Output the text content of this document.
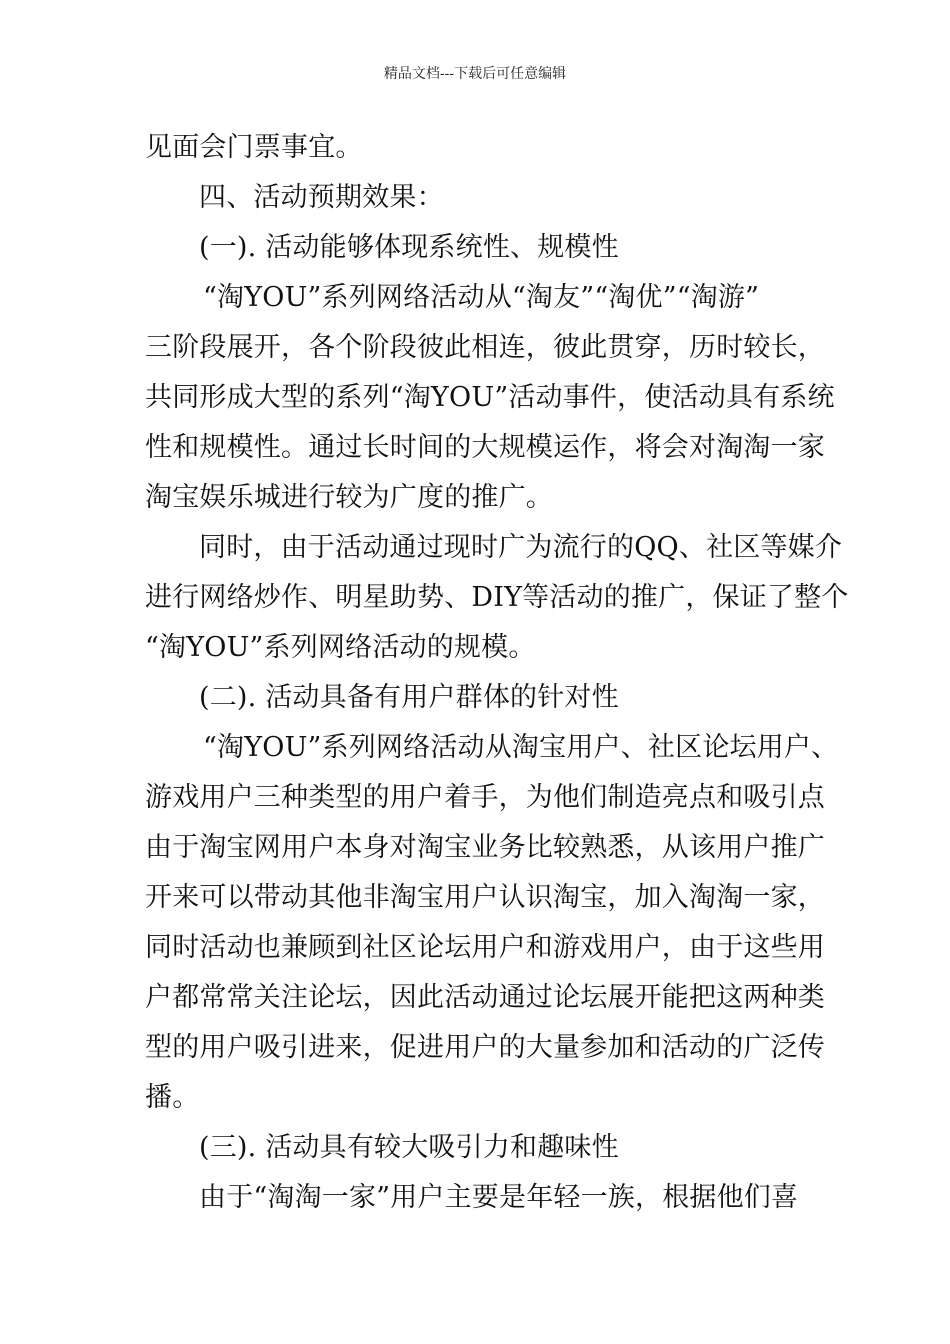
精品文档---下载后可任意编辑
见面会门票事宜。
四、活动预期效果：
(一). 活动能够体现系统性、规模性
“淘YOU”系列网络活动从“淘友”“淘优”“淘游”
三阶段展开，各个阶段彼此相连，彼此贯穿，历时较长，
共同形成大型的系列“淘YOU”活动事件，使活动具有系统
性和规模性。通过长时间的大规模运作，将会对淘淘一家
淘宝娱乐城进行较为广度的推广。
同时，由于活动通过现时广为流行的QQ、社区等媒介
进行网络炒作、明星助势、DIY等活动的推广，保证了整个
“淘YOU”系列网络活动的规模。
(二). 活动具备有用户群体的针对性
“淘YOU”系列网络活动从淘宝用户、社区论坛用户、
游戏用户三种类型的用户着手，为他们制造亮点和吸引点
由于淘宝网用户本身对淘宝业务比较熟悉，从该用户推广
开来可以带动其他非淘宝用户认识淘宝，加入淘淘一家，
同时活动也兼顾到社区论坛用户和游戏用户，由于这些用
户都常常关注论坛，因此活动通过论坛展开能把这两种类
型的用户吸引进来，促进用户的大量参加和活动的广泛传
播。
(三). 活动具有较大吸引力和趣味性
由于“淘淘一家”用户主要是年轻一族，根据他们喜
